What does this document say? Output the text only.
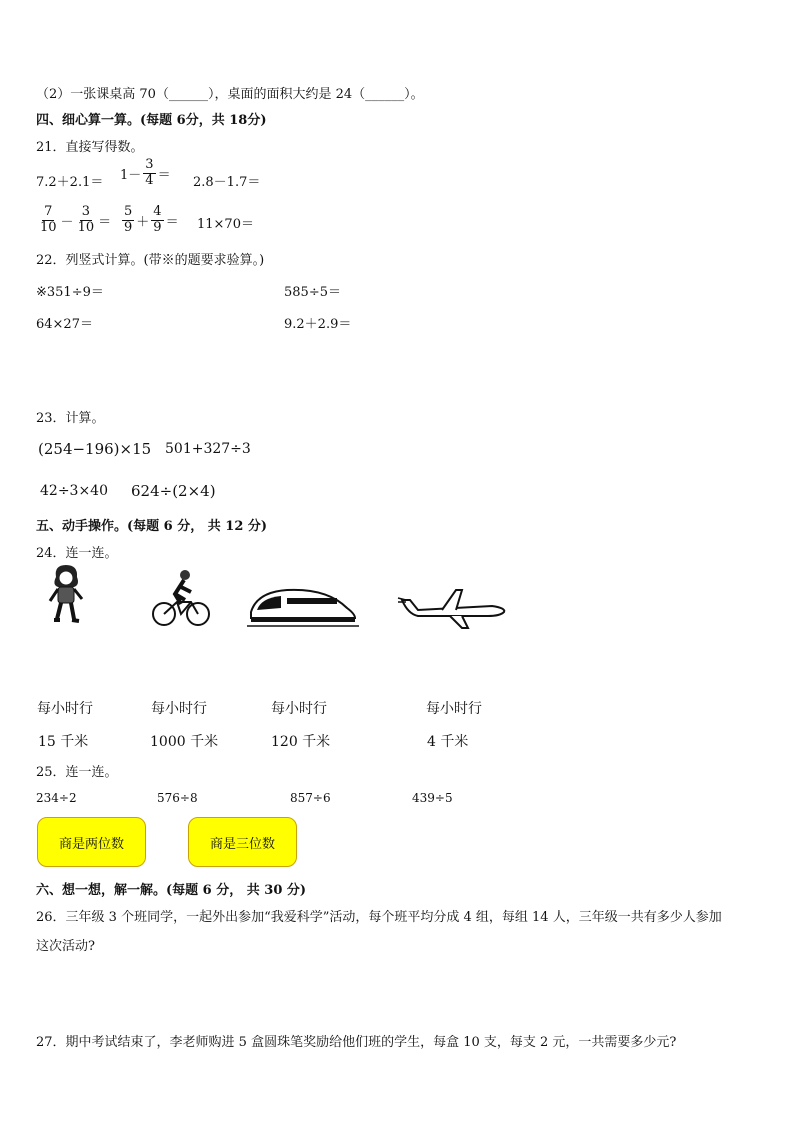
（2）一张课桌高 70（______），桌面的面积大约是 24（______）。
四、细心算一算。(每题 6分，共 18分)
21．直接写得数。
$7.2+2.1= 1- \frac{3}{4} = 2.8-1.7=$
$\frac{7}{10} - \frac{3}{10} = \frac{5}{9} + \frac{4}{9} = 11\times 70=$
22．列竖式计算。(带※的题要求验算。)
※351÷9＝	585÷5＝
64×27＝	9.2＋2.9＝
23．计算。
(254−196)×15 501+327÷3
42÷3×40 624÷(2×4)
五、动手操作。(每题 6 分， 共 12 分)
24．连一连。
每小时行	每小时行	每小时行	每小时行
15 千米	1000 千米	120 千米	4 千米
25．连一连。
234÷2	576÷8	857÷6	439÷5
商是两位数	商是三位数
六、想一想，解一解。(每题 6 分， 共 30 分)
26．三年级 3 个班同学，一起外出参加“我爱科学”活动，每个班平均分成 4 组，每组 14 人，三年级一共有多少人参加
这次活动?
27．期中考试结束了，李老师购进 5 盒圆珠笔奖励给他们班的学生，每盒 10 支，每支 2 元，一共需要多少元?
